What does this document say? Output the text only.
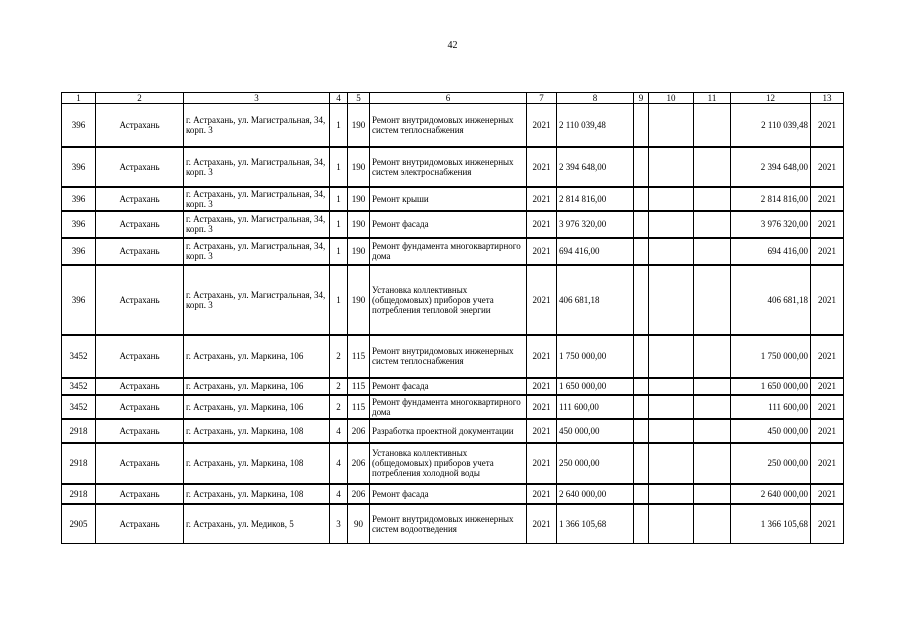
42
1	2	3	4	5	6	7	8	9	10	11	12	13
396	Астрахань	г. Астрахань, ул. Магистральная, 34, корп. 3	1	190	Ремонт внутридомовых инженерных систем теплоснабжения	2021	2 110 039,48				2 110 039,48	2021
396	Астрахань	г. Астрахань, ул. Магистральная, 34, корп. 3	1	190	Ремонт внутридомовых инженерных систем электроснабжения	2021	2 394 648,00				2 394 648,00	2021
396	Астрахань	г. Астрахань, ул. Магистральная, 34, корп. 3	1	190	Ремонт крыши	2021	2 814 816,00				2 814 816,00	2021
396	Астрахань	г. Астрахань, ул. Магистральная, 34, корп. 3	1	190	Ремонт фасада	2021	3 976 320,00				3 976 320,00	2021
396	Астрахань	г. Астрахань, ул. Магистральная, 34, корп. 3	1	190	Ремонт фундамента многоквартирного дома	2021	694 416,00				694 416,00	2021
396	Астрахань	г. Астрахань, ул. Магистральная, 34, корп. 3	1	190	Установка коллективных (общедомовых) приборов учета потребления тепловой энергии	2021	406 681,18				406 681,18	2021
3452	Астрахань	г. Астрахань, ул. Маркина, 106	2	115	Ремонт внутридомовых инженерных систем теплоснабжения	2021	1 750 000,00				1 750 000,00	2021
3452	Астрахань	г. Астрахань, ул. Маркина, 106	2	115	Ремонт фасада	2021	1 650 000,00				1 650 000,00	2021
3452	Астрахань	г. Астрахань, ул. Маркина, 106	2	115	Ремонт фундамента многоквартирного дома	2021	111 600,00				111 600,00	2021
2918	Астрахань	г. Астрахань, ул. Маркина, 108	4	206	Разработка проектной документации	2021	450 000,00				450 000,00	2021
2918	Астрахань	г. Астрахань, ул. Маркина, 108	4	206	Установка коллективных (общедомовых) приборов учета потребления холодной воды	2021	250 000,00				250 000,00	2021
2918	Астрахань	г. Астрахань, ул. Маркина, 108	4	206	Ремонт фасада	2021	2 640 000,00				2 640 000,00	2021
2905	Астрахань	г. Астрахань, ул. Медиков, 5	3	90	Ремонт внутридомовых инженерных систем водоотведения	2021	1 366 105,68				1 366 105,68	2021
